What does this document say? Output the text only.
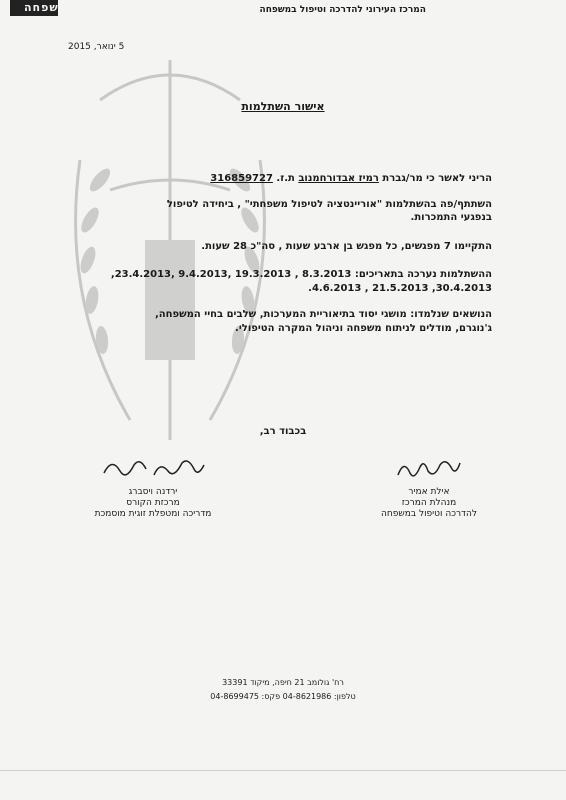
משפחה	המרכז העירוני להדרכה וטיפול במשפחה
5 ינואר, 2015
אישור השתלמות
הריני לאשר כי מר/גברת רמיז אבדורחמנוב ת.ז. 316859727
השתתף/פה בהשתלמות "אוריינטציה לטיפול משפחתי" , ביחידה לטיפול
בנפגעי התמכרות.
התקיימו 7 מפגשים, כל מפגש בן ארבע שעות , סה"כ 28 שעות.
ההשתלמות נערכה בתאריכים: 8.3.2013 , 19.3.2013 ,9.4.2013 ,23.4.2013,
30.4.2013, 21.5.2013 , 4.6.2013.
הנושאים שנלמדו: מושגי יסוד בתיאוריית המערכות, שלבים בחיי המשפחה,
ג'נוגרם, מודלים לניתוח משפחה וניהול המקרה הטיפולי.
בכבוד רב,
אילת אמיר
מנהלת המרכז
להדרכה וטיפול במשפחה
ירדנה ויסברג
מרכזת הקורס
מדריכה ומטפלת זוגית מוסמכת
רח' גולומב 21 חיפה, מיקוד 33391
טלפון: 04-8621986 פקס: 04-8699475
